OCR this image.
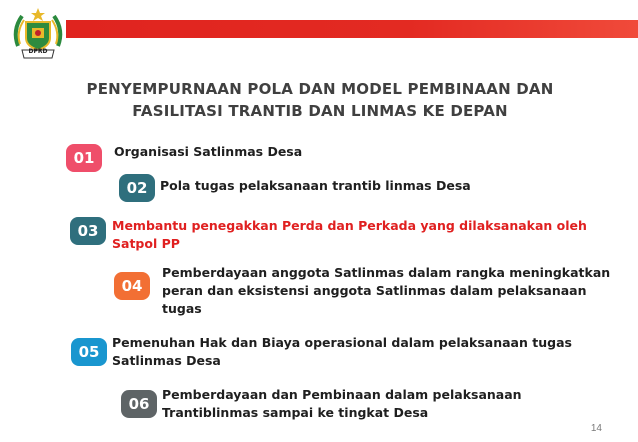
DPRD
PENYEMPURNAAN POLA DAN MODEL PEMBINAAN DAN
FASILITASI TRANTIB DAN LINMAS KE DEPAN
01	Organisasi Satlinmas Desa
02	Pola tugas pelaksanaan trantib linmas Desa
03	Membantu penegakkan Perda dan Perkada yang dilaksanakan oleh
Satpol PP
04
Pemberdayaan anggota Satlinmas dalam rangka meningkatkan
peran dan eksistensi anggota Satlinmas dalam pelaksanaan
tugas
05
Pemenuhan Hak dan Biaya operasional dalam pelaksanaan tugas
Satlinmas Desa
06
Pemberdayaan dan Pembinaan dalam pelaksanaan
Trantiblinmas sampai ke tingkat Desa
14
